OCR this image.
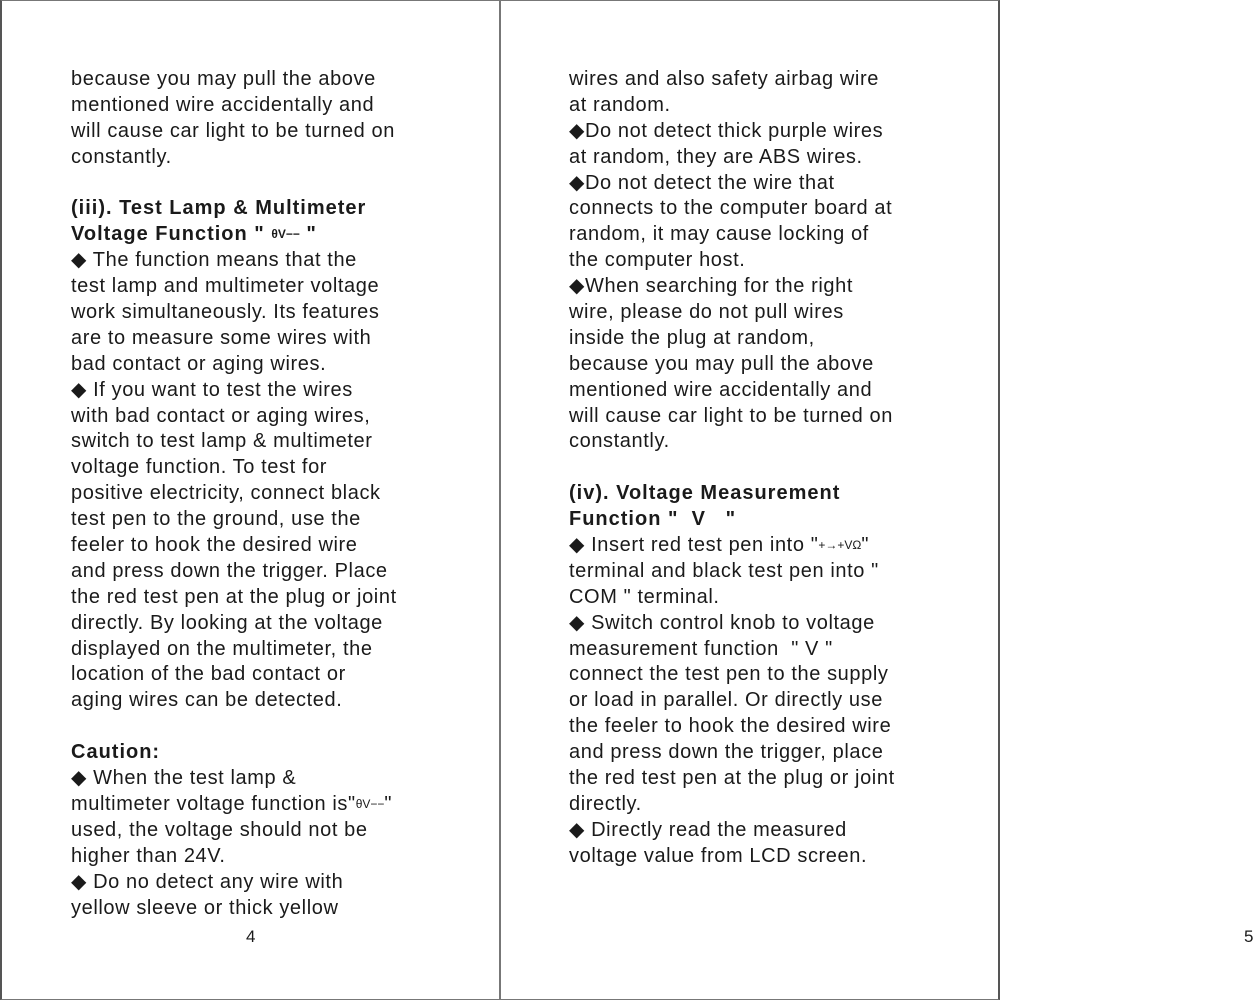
because you may pull the above
mentioned wire accidentally and
will cause car light to be turned on
constantly.
(iii). Test Lamp & Multimeter
Voltage Function " θV−− "
◆ The function means that the
test lamp and multimeter voltage
work simultaneously. Its features
are to measure some wires with
bad contact or aging wires.
◆ If you want to test the wires
with bad contact or aging wires,
switch to test lamp & multimeter
voltage function. To test for
positive electricity, connect black
test pen to the ground, use the
feeler to hook the desired wire
and press down the trigger. Place
the red test pen at the plug or joint
directly. By looking at the voltage
displayed on the multimeter, the
location of the bad contact or
aging wires can be detected.
Caution:
◆ When the test lamp &
multimeter voltage function is"θV−−"
used, the voltage should not be
higher than 24V.
◆ Do no detect any wire with
yellow sleeve or thick yellow
4
wires and also safety airbag wire
at random.
◆Do not detect thick purple wires
at random, they are ABS wires.
◆Do not detect the wire that
connects to the computer board at
random, it may cause locking of
the computer host.
◆When searching for the right
wire, please do not pull wires
inside the plug at random,
because you may pull the above
mentioned wire accidentally and
will cause car light to be turned on
constantly.
(iv). Voltage Measurement
Function "  V   "
◆ Insert red test pen into "+→+VΩ"
terminal and black test pen into "
COM " terminal.
◆ Switch control knob to voltage
measurement function  " V "
connect the test pen to the supply
or load in parallel. Or directly use
the feeler to hook the desired wire
and press down the trigger, place
the red test pen at the plug or joint
directly.
◆ Directly read the measured
voltage value from LCD screen.
5
